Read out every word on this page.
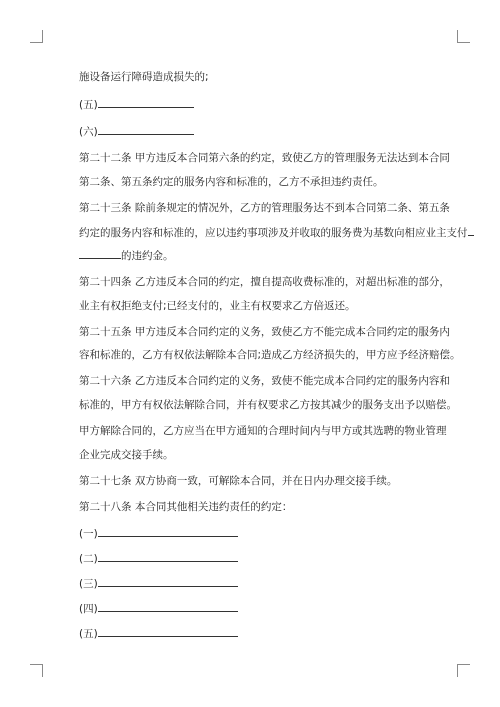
施设备运行障碍造成损失的;
(五)
(六)
第二十二条 甲方违反本合同第六条的约定，致使乙方的管理服务无法达到本合同
第二条、第五条约定的服务内容和标准的，乙方不承担违约责任。
第二十三条 除前条规定的情况外，乙方的管理服务达不到本合同第二条、第五条
约定的服务内容和标准的，应以违约事项涉及并收取的服务费为基数向相应业主支付
的违约金。
第二十四条 乙方违反本合同的约定，擅自提高收费标准的，对超出标准的部分，
业主有权拒绝支付;已经支付的，业主有权要求乙方倍返还。
第二十五条 甲方违反本合同约定的义务，致使乙方不能完成本合同约定的服务内
容和标准的，乙方有权依法解除本合同;造成乙方经济损失的，甲方应予经济赔偿。
第二十六条 乙方违反本合同约定的义务，致使不能完成本合同约定的服务内容和
标准的，甲方有权依法解除合同，并有权要求乙方按其减少的服务支出予以赔偿。
甲方解除合同的，乙方应当在甲方通知的合理时间内与甲方或其选聘的物业管理
企业完成交接手续。
第二十七条 双方协商一致，可解除本合同，并在日内办理交接手续。
第二十八条 本合同其他相关违约责任的约定：
(一)
(二)
(三)
(四)
(五)
